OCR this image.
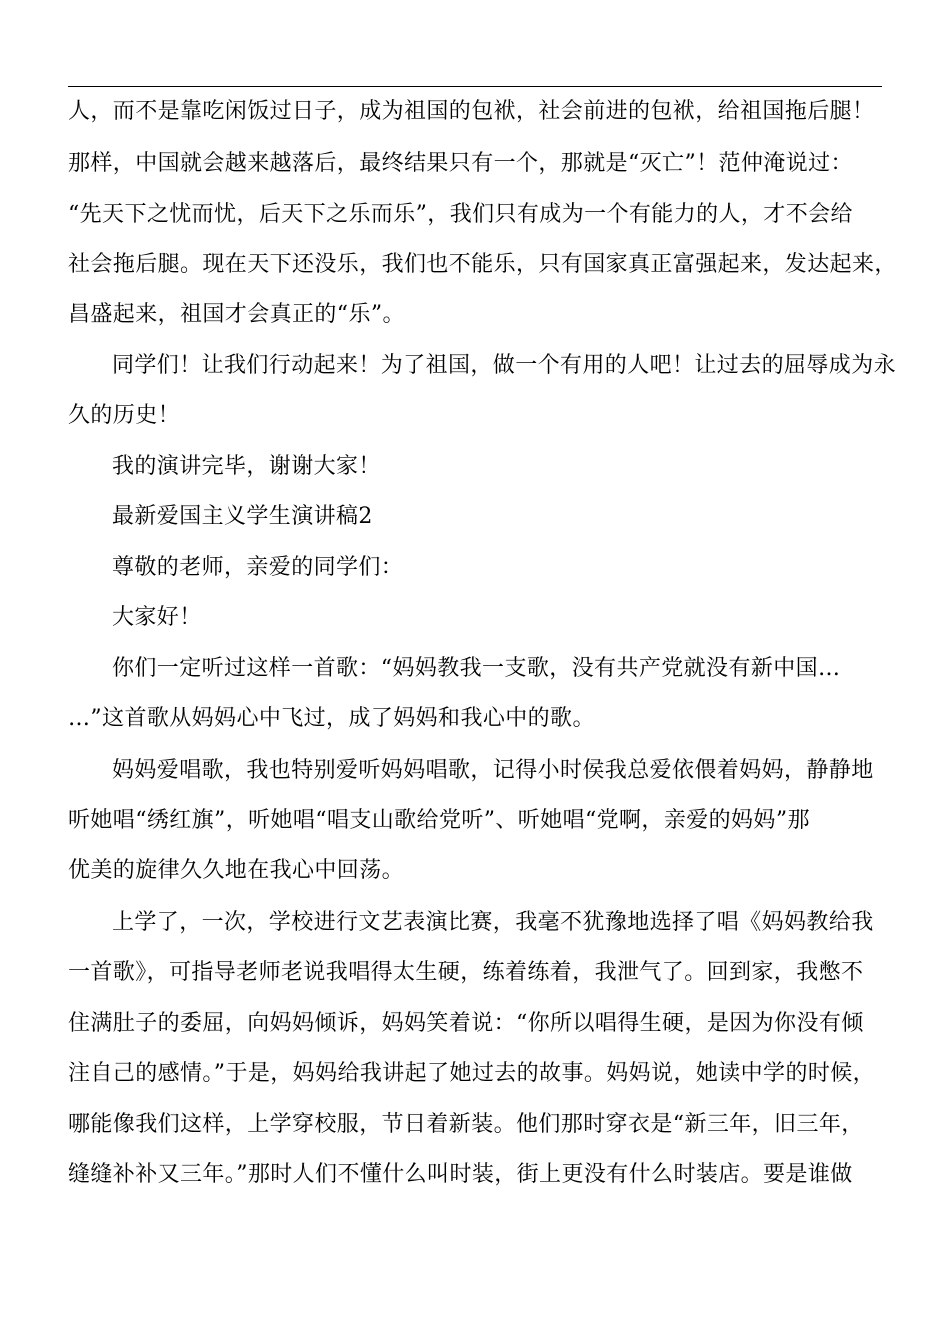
人，而不是靠吃闲饭过日子，成为祖国的包袱，社会前进的包袱，给祖国拖后腿！
那样，中国就会越来越落后，最终结果只有一个，那就是“灭亡”！范仲淹说过：
“先天下之忧而忧，后天下之乐而乐”，我们只有成为一个有能力的人，才不会给
社会拖后腿。现在天下还没乐，我们也不能乐，只有国家真正富强起来，发达起来，
昌盛起来，祖国才会真正的“乐”。
同学们！让我们行动起来！为了祖国，做一个有用的人吧！让过去的屈辱成为永
久的历史！
我的演讲完毕，谢谢大家！
最新爱国主义学生演讲稿2
尊敬的老师，亲爱的同学们：
大家好！
你们一定听过这样一首歌：“妈妈教我一支歌，没有共产党就没有新中国…
…”这首歌从妈妈心中飞过，成了妈妈和我心中的歌。
妈妈爱唱歌，我也特别爱听妈妈唱歌，记得小时侯我总爱依偎着妈妈，静静地
听她唱“绣红旗”，听她唱“唱支山歌给党听”、听她唱“党啊，亲爱的妈妈”那
优美的旋律久久地在我心中回荡。
上学了，一次，学校进行文艺表演比赛，我毫不犹豫地选择了唱《妈妈教给我
一首歌》，可指导老师老说我唱得太生硬，练着练着，我泄气了。回到家，我憋不
住满肚子的委屈，向妈妈倾诉，妈妈笑着说：“你所以唱得生硬，是因为你没有倾
注自己的感情。”于是，妈妈给我讲起了她过去的故事。妈妈说，她读中学的时候，
哪能像我们这样，上学穿校服，节日着新装。他们那时穿衣是“新三年，旧三年，
缝缝补补又三年。”那时人们不懂什么叫时装，街上更没有什么时装店。要是谁做
